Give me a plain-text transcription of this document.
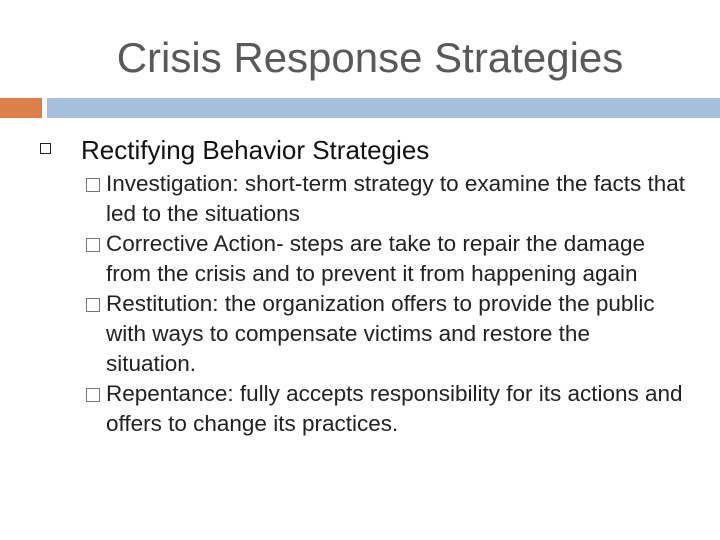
Crisis Response Strategies
Rectifying Behavior Strategies
Investigation: short-term strategy to examine the facts that led to the situations
Corrective Action- steps are take to repair the damage from the crisis and to prevent it from happening again
Restitution: the organization offers to provide the public with ways to compensate victims and restore the situation.
Repentance: fully accepts responsibility for its actions and offers to change its practices.
